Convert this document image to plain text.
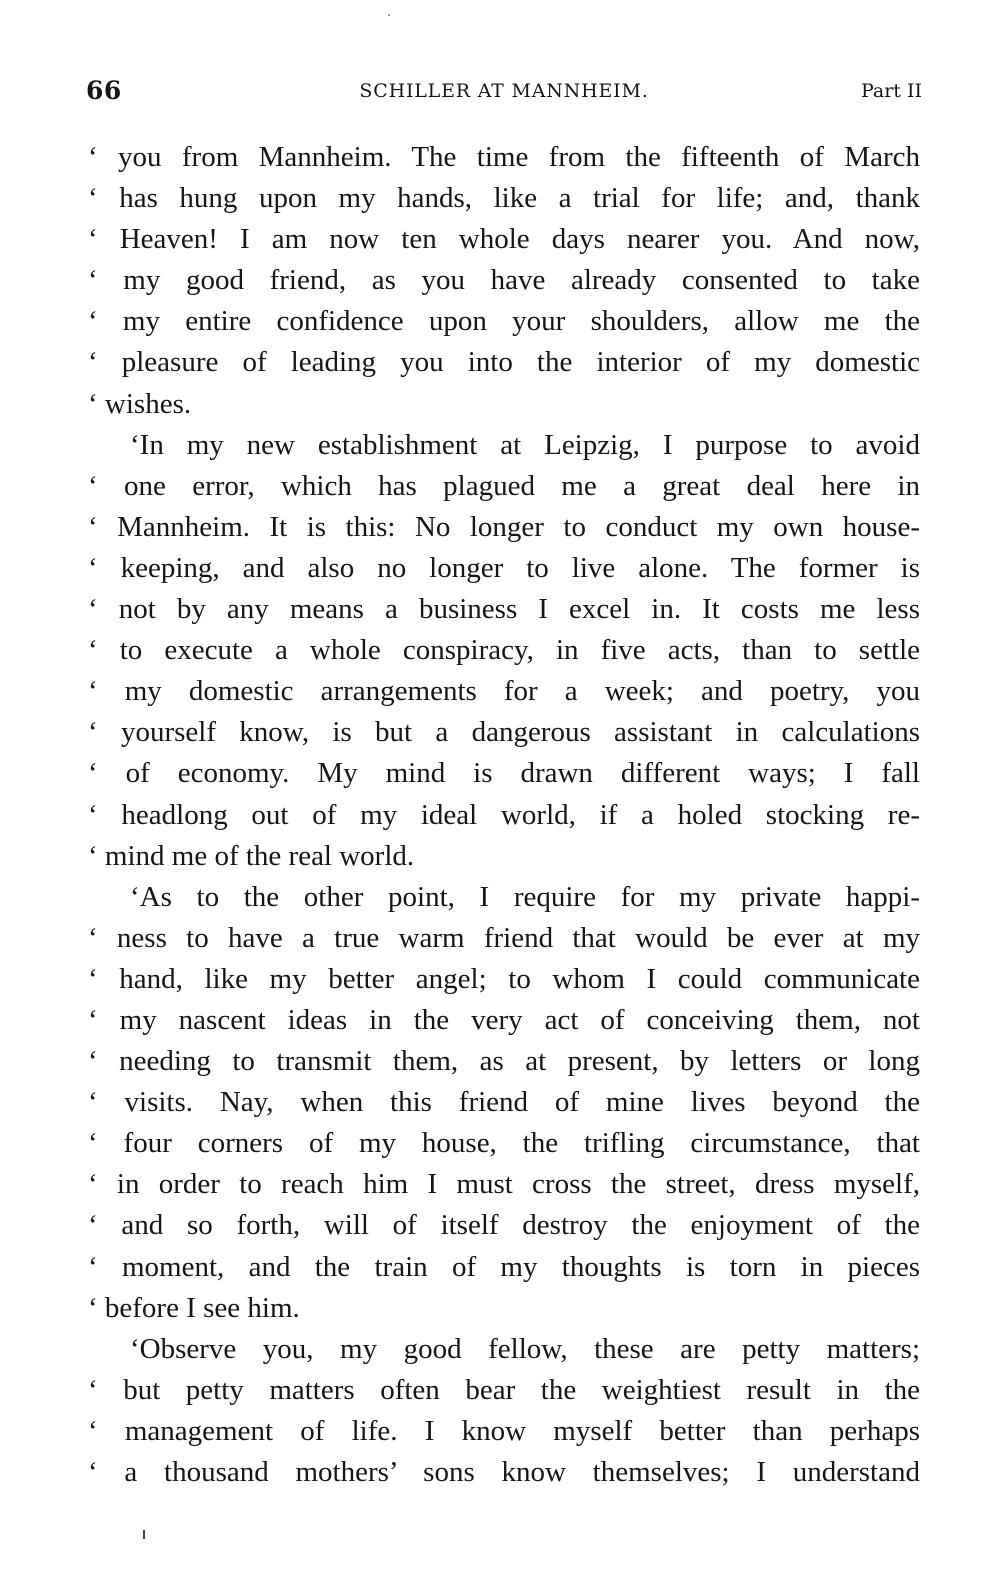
66	SCHILLER AT MANNHEIM.	Part II
‘ you from Mannheim. The time from the fifteenth of March
‘ has hung upon my hands, like a trial for life; and, thank
‘ Heaven! I am now ten whole days nearer you. And now,
‘ my good friend, as you have already consented to take
‘ my entire confidence upon your shoulders, allow me the
‘ pleasure of leading you into the interior of my domestic
‘ wishes.
‘In my new establishment at Leipzig, I purpose to avoid
‘ one error, which has plagued me a great deal here in
‘ Mannheim. It is this: No longer to conduct my own house-
‘ keeping, and also no longer to live alone. The former is
‘ not by any means a business I excel in. It costs me less
‘ to execute a whole conspiracy, in five acts, than to settle
‘ my domestic arrangements for a week; and poetry, you
‘ yourself know, is but a dangerous assistant in calculations
‘ of economy. My mind is drawn different ways; I fall
‘ headlong out of my ideal world, if a holed stocking re-
‘ mind me of the real world.
‘As to the other point, I require for my private happi-
‘ ness to have a true warm friend that would be ever at my
‘ hand, like my better angel; to whom I could communicate
‘ my nascent ideas in the very act of conceiving them, not
‘ needing to transmit them, as at present, by letters or long
‘ visits. Nay, when this friend of mine lives beyond the
‘ four corners of my house, the trifling circumstance, that
‘ in order to reach him I must cross the street, dress myself,
‘ and so forth, will of itself destroy the enjoyment of the
‘ moment, and the train of my thoughts is torn in pieces
‘ before I see him.
‘Observe you, my good fellow, these are petty matters;
‘ but petty matters often bear the weightiest result in the
‘ management of life. I know myself better than perhaps
‘ a thousand mothers’ sons know themselves; I understand
